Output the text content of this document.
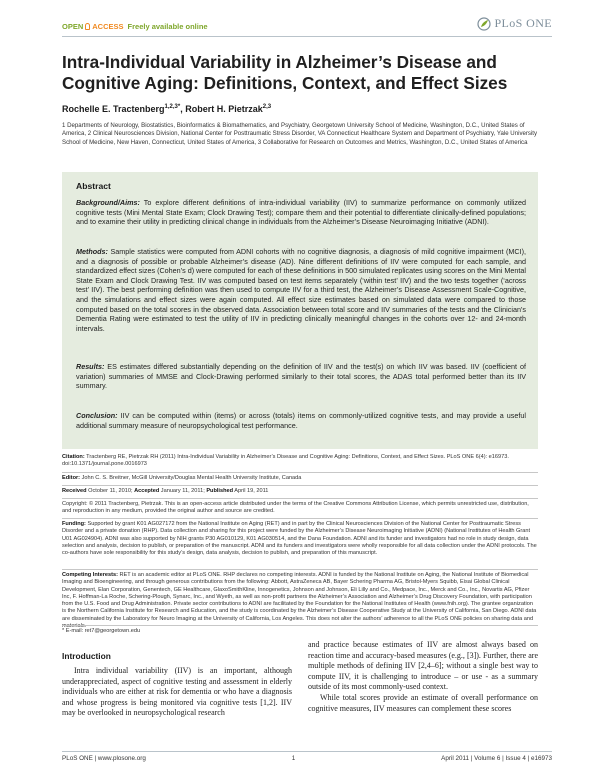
OPEN ACCESS Freely available online	PLoS ONE
Intra-Individual Variability in Alzheimer’s Disease and Cognitive Aging: Definitions, Context, and Effect Sizes
Rochelle E. Tractenberg$^{1,2,3*}$, Robert H. Pietrzak$^{2,3}$
1 Departments of Neurology, Biostatistics, Bioinformatics & Biomathematics, and Psychiatry, Georgetown University School of Medicine, Washington, D.C., United States of America, 2 Clinical Neurosciences Division, National Center for Posttraumatic Stress Disorder, VA Connecticut Healthcare System and Department of Psychiatry, Yale University School of Medicine, New Haven, Connecticut, United States of America, 3 Collaborative for Research on Outcomes and Metrics, Washington, D.C., United States of America
Abstract
Background/Aims: To explore different definitions of intra-individual variability (IIV) to summarize performance on commonly utilized cognitive tests (Mini Mental State Exam; Clock Drawing Test); compare them and their potential to differentiate clinically-defined populations; and to examine their utility in predicting clinical change in individuals from the Alzheimer’s Disease Neuroimaging Initiative (ADNI).
Methods: Sample statistics were computed from ADNI cohorts with no cognitive diagnosis, a diagnosis of mild cognitive impairment (MCI), and a diagnosis of possible or probable Alzheimer’s disease (AD). Nine different definitions of IIV were computed for each sample, and standardized effect sizes (Cohen’s d) were computed for each of these definitions in 500 simulated replicates using scores on the Mini Mental State Exam and Clock Drawing Test. IIV was computed based on test items separately (‘within test’ IIV) and the two tests together (‘across test’ IIV). The best performing definition was then used to compute IIV for a third test, the Alzheimer’s Disease Assessment Scale-Cognitive, and the simulations and effect sizes were again computed. All effect size estimates based on simulated data were compared to those computed based on the total scores in the observed data. Association between total score and IIV summaries of the tests and the Clinician’s Dementia Rating were estimated to test the utility of IIV in predicting clinically meaningful changes in the cohorts over 12- and 24-month intervals.
Results: ES estimates differed substantially depending on the definition of IIV and the test(s) on which IIV was based. IIV (coefficient of variation) summaries of MMSE and Clock-Drawing performed similarly to their total scores, the ADAS total performed better than its IIV summary.
Conclusion: IIV can be computed within (items) or across (totals) items on commonly-utilized cognitive tests, and may provide a useful additional summary measure of neuropsychological test performance.
Citation: Tractenberg RE, Pietrzak RH (2011) Intra-Individual Variability in Alzheimer’s Disease and Cognitive Aging: Definitions, Context, and Effect Sizes. PLoS ONE 6(4): e16973. doi:10.1371/journal.pone.0016973
Editor: John C. S. Breitner, McGill University/Douglas Mental Health University Institute, Canada
Received October 11, 2010; Accepted January 11, 2011; Published April 19, 2011
Copyright: © 2011 Tractenberg, Pietrzak. This is an open-access article distributed under the terms of the Creative Commons Attribution License, which permits unrestricted use, distribution, and reproduction in any medium, provided the original author and source are credited.
Funding: Supported by grant K01 AG027172 from the National Institute on Aging (RET) and in part by the Clinical Neurosciences Division of the National Center for Posttraumatic Stress Disorder and a private donation (RHP). Data collection and sharing for this project were funded by the Alzheimer’s Disease Neuroimaging Initiative (ADNI) (National Institutes of Health Grant U01 AG024904). ADNI was also supported by NIH grants P30 AG010129, K01 AG030514, and the Dana Foundation. ADNI and its funder and investigators had no role in study design, data selection and analysis, decision to publish, or preparation of the manuscript. ADNI and its funders and investigators were wholly responsible for all data collection under the ADNI protocols. The co-authors have sole responsibility for this study’s design, data analysis, decision to publish, and preparation of this manuscript.
Competing Interests: RET is an academic editor at PLoS ONE. RHP declares no competing interests. ADNI is funded by the National Institute on Aging, the National Institute of Biomedical Imaging and Bioengineering, and through generous contributions from the following: Abbott, AstraZeneca AB, Bayer Schering Pharma AG, Bristol-Myers Squibb, Eisai Global Clinical Development, Elan Corporation, Genentech, GE Healthcare, GlaxoSmithKline, Innogenetics, Johnson and Johnson, Eli Lilly and Co., Medpace, Inc., Merck and Co., Inc., Novartis AG, Pfizer Inc, F. Hoffman-La Roche, Schering-Plough, Synarc, Inc., and Wyeth, as well as non-profit partners the Alzheimer’s Association and Alzheimer’s Drug Discovery Foundation, with participation from the U.S. Food and Drug Administration. Private sector contributions to ADNI are facilitated by the Foundation for the National Institutes of Health (www.fnih.org). The grantee organization is the Northern California Institute for Research and Education, and the study is coordinated by the Alzheimer’s Disease Cooperative Study at the University of California, San Diego. ADNI data are disseminated by the Laboratory for Neuro Imaging at the University of California, Los Angeles. This does not alter the authors’ adherence to all the PLoS ONE policies on sharing data and materials.
* E-mail: ret7@georgetown.edu
Introduction

Intra individual variability (IIV) is an important, although underappreciated, aspect of cognitive testing and assessment in elderly individuals who are either at risk for dementia or who have a diagnosis and whose progress is being monitored via cognitive tests [1,2]. IIV may be overlooked in neuropsychological research

and practice because estimates of IIV are almost always based on reaction time and accuracy-based measures (e.g., [3]). Further, there are multiple methods of defining IIV [2,4–6]; without a single best way to compute IIV, it is challenging to introduce – or use - as a summary outside of its most commonly-used context.

While total scores provide an estimate of overall performance on cognitive measures, IIV measures can complement these scores

PLoS ONE | www.plosone.org	1	April 2011 | Volume 6 | Issue 4 | e16973
